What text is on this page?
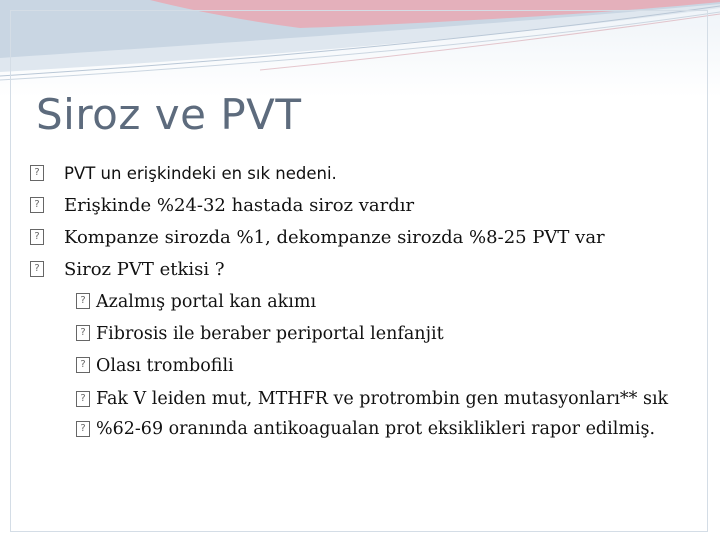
Siroz ve PVT
? PVT un erişkindeki en sık nedeni.
? Erişkinde %24-32 hastada siroz vardır
? Kompanze sirozda %1, dekompanze sirozda %8-25 PVT var
? Siroz PVT etkisi ?
? Azalmış portal kan akımı
? Fibrosis ile beraber periportal lenfanjit
? Olası trombofili
? Fak V leiden mut, MTHFR ve protrombin gen mutasyonları** sık
? %62-69 oranında antikoagualan prot eksiklikleri rapor edilmiş.
